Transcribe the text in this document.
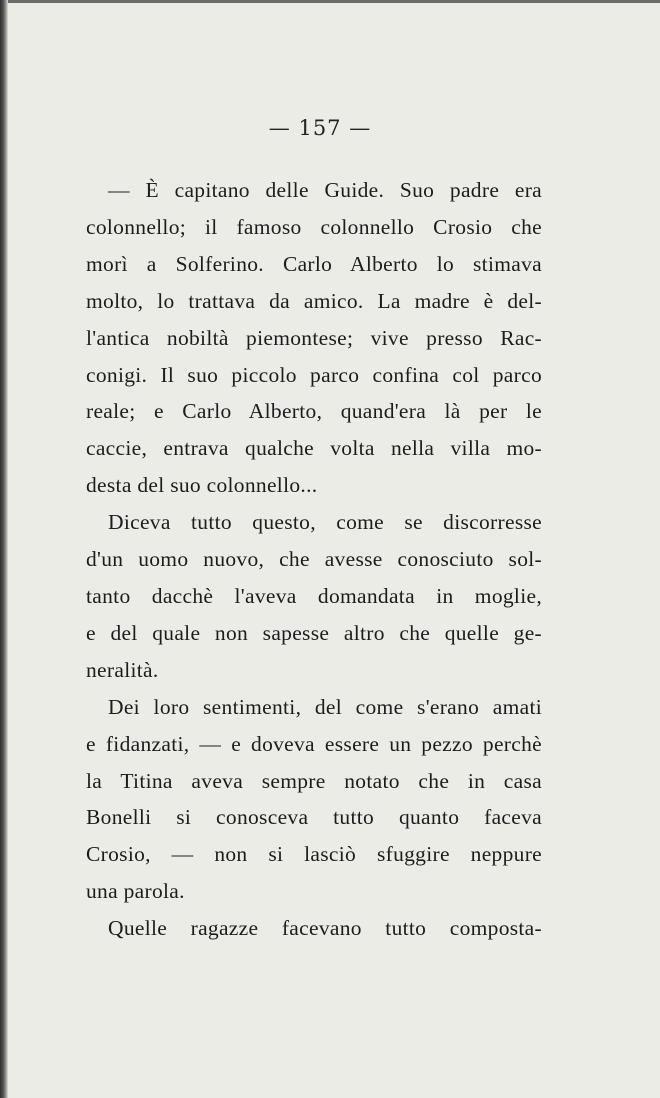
— 157 —
— È capitano delle Guide. Suo padre era
colonnello; il famoso colonnello Crosio che
morì a Solferino. Carlo Alberto lo stimava
molto, lo trattava da amico. La madre è del-
l'antica nobiltà piemontese; vive presso Rac-
conigi. Il suo piccolo parco confina col parco
reale; e Carlo Alberto, quand'era là per le
caccie, entrava qualche volta nella villa mo-
desta del suo colonnello...
Diceva tutto questo, come se discorresse
d'un uomo nuovo, che avesse conosciuto sol-
tanto dacchè l'aveva domandata in moglie,
e del quale non sapesse altro che quelle ge-
neralità.
Dei loro sentimenti, del come s'erano amati
e fidanzati, — e doveva essere un pezzo perchè
la Titina aveva sempre notato che in casa
Bonelli si conosceva tutto quanto faceva
Crosio, — non si lasciò sfuggire neppure
una parola.
Quelle ragazze facevano tutto composta-
